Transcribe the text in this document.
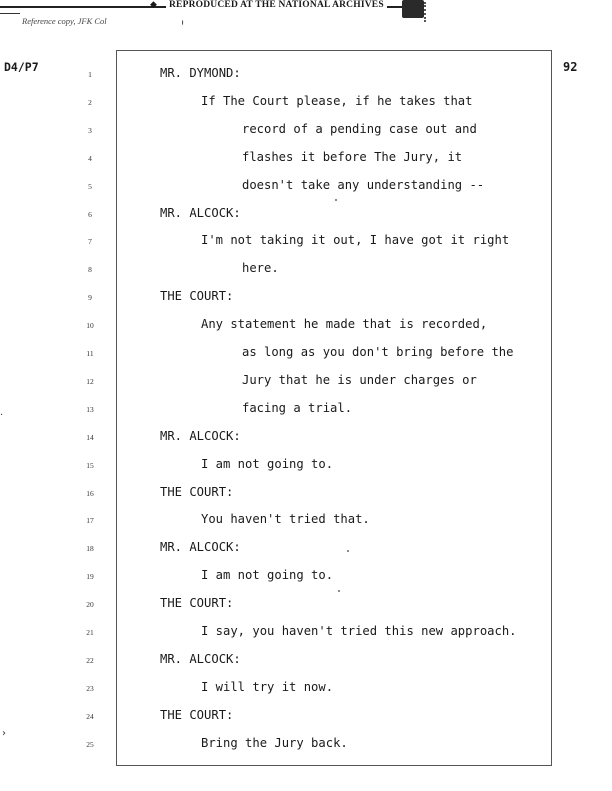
◆	REPRODUCED AT THE NATIONAL ARCHIVES
Reference copy, JFK Col	ᵎ
D4/P7	92
1	MR. DYMOND:
2	If The Court please, if he takes that
3	record of a pending case out and
4	flashes it before The Jury, it
5	doesn't take any understanding --
6	MR. ALCOCK:
7	I'm not taking it out, I have got it right
8	here.
9	THE COURT:
10	Any statement he made that is recorded,
11	as long as you don't bring before the
12	Jury that he is under charges or
13	facing a trial.
14	MR. ALCOCK:
15	I am not going to.
16	THE COURT:
17	You haven't tried that.
18	MR. ALCOCK:
19	I am not going to.
20	THE COURT:
21	I say, you haven't tried this new approach.
22	MR. ALCOCK:
23	I will try it now.
24	THE COURT:
25	Bring the Jury back.
·
›
